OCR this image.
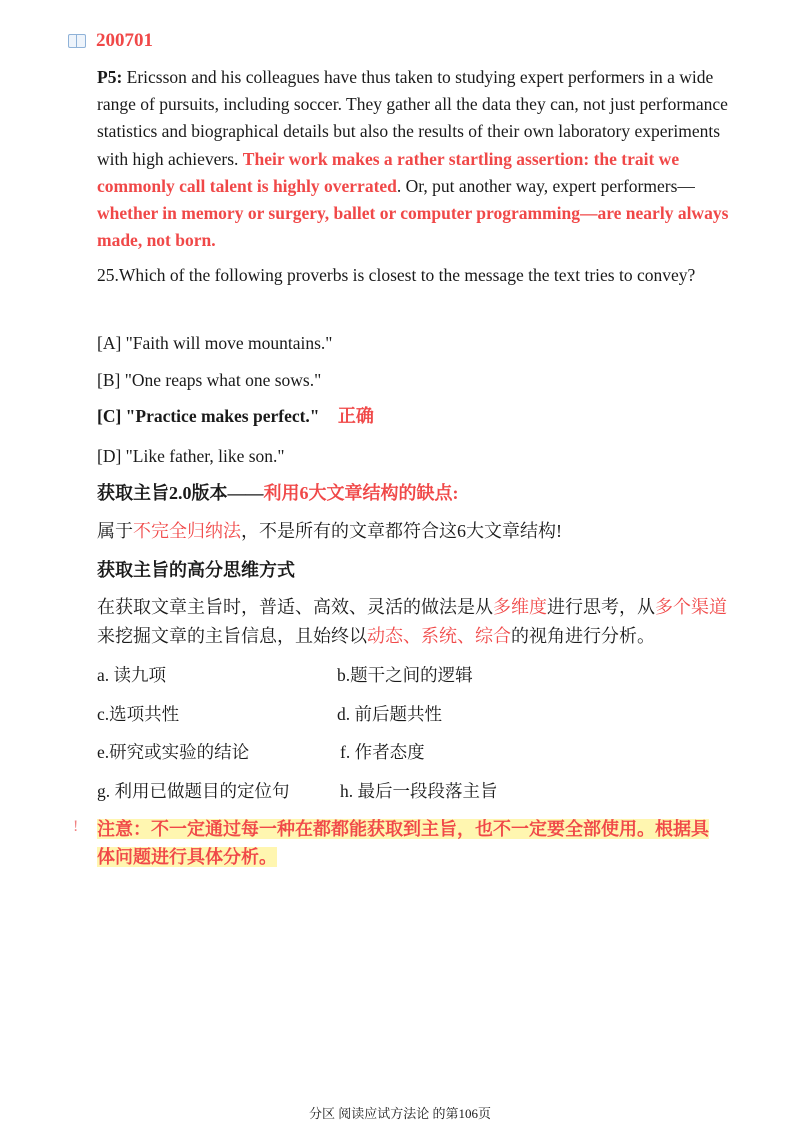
200701
P5: Ericsson and his colleagues have thus taken to studying expert performers in a wide range of pursuits, including soccer. They gather all the data they can, not just performance statistics and biographical details but also the results of their own laboratory experiments with high achievers. Their work makes a rather startling assertion: the trait we commonly call talent is highly overrated. Or, put another way, expert performers— whether in memory or surgery, ballet or computer programming—are nearly always made, not born.
25.Which of the following proverbs is closest to the message the text tries to convey?
[A] "Faith will move mountains."
[B] "One reaps what one sows."
[C] "Practice makes perfect." 正确
[D] "Like father, like son."
获取主旨2.0版本——利用6大文章结构的缺点:
属于不完全归纳法，不是所有的文章都符合这6大文章结构!
获取主旨的高分思维方式
在获取文章主旨时，普适、高效、灵活的做法是从多维度进行思考，从多个渠道来挖掘文章的主旨信息，且始终以动态、系统、综合的视角进行分析。
a. 读九项	b.题干之间的逻辑
c.选项共性	d. 前后题共性
e.研究或实验的结论	f. 作者态度
g. 利用已做题目的定位句	h. 最后一段段落主旨
! 注意：不一定通过每一种在都都能获取到主旨，也不一定要全部使用。根据具体问题进行具体分析。
分区 阅读应试方法论 的第106页
